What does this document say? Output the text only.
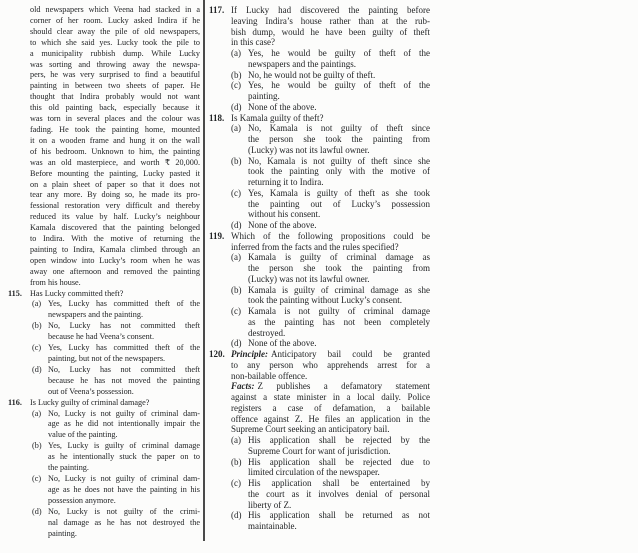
old newspapers which Veena had stacked in a
corner of her room. Lucky asked Indira if he
should clear away the pile of old newspapers,
to which she said yes. Lucky took the pile to
a municipality rubbish dump. While Lucky
was sorting and throwing away the newspa-
pers, he was very surprised to find a beautiful
painting in between two sheets of paper. He
thought that Indira probably would not want
this old painting back, especially because it
was torn in several places and the colour was
fading. He took the painting home, mounted
it on a wooden frame and hung it on the wall
of his bedroom. Unknown to him, the painting
was an old masterpiece, and worth ₹ 20,000.
Before mounting the painting, Lucky pasted it
on a plain sheet of paper so that it does not
tear any more. By doing so, he made its pro-
fessional restoration very difficult and thereby
reduced its value by half. Lucky’s neighbour
Kamala discovered that the painting belonged
to Indira. With the motive of returning the
painting to Indira, Kamala climbed through an
open window into Lucky’s room when he was
away one afternoon and removed the painting
from his house.
115. Has Lucky committed theft?
(a) Yes, Lucky has committed theft of the
newspapers and the painting.
(b) No, Lucky has not committed theft
because he had Veena’s consent.
(c) Yes, Lucky has committed theft of the
painting, but not of the newspapers.
(d) No, Lucky has not committed theft
because he has not moved the painting
out of Veena’s possession.
116. Is Lucky guilty of criminal damage?
(a) No, Lucky is not guilty of criminal dam-
age as he did not intentionally impair the
value of the painting.
(b) Yes, Lucky is guilty of criminal damage
as he intentionally stuck the paper on to
the painting.
(c) No, Lucky is not guilty of criminal dam-
age as he does not have the painting in his
possession anymore.
(d) No, Lucky is not guilty of the crimi-
nal damage as he has not destroyed the
painting.
117. If Lucky had discovered the painting before
leaving Indira’s house rather than at the rub-
bish dump, would he have been guilty of theft
in this case?
(a) Yes, he would be guilty of theft of the
newspapers and the paintings.
(b) No, he would not be guilty of theft.
(c) Yes, he would be guilty of theft of the
painting.
(d) None of the above.
118. Is Kamala guilty of theft?
(a) No, Kamala is not guilty of theft since
the person she took the painting from
(Lucky) was not its lawful owner.
(b) No, Kamala is not guilty of theft since she
took the painting only with the motive of
returning it to Indira.
(c) Yes, Kamala is guilty of theft as she took
the painting out of Lucky’s possession
without his consent.
(d) None of the above.
119. Which of the following propositions could be
inferred from the facts and the rules specified?
(a) Kamala is guilty of criminal damage as
the person she took the painting from
(Lucky) was not its lawful owner.
(b) Kamala is guilty of criminal damage as she
took the painting without Lucky’s consent.
(c) Kamala is not guilty of criminal damage
as the painting has not been completely
destroyed.
(d) None of the above.
120. Principle: Anticipatory bail could be granted
to any person who apprehends arrest for a
non-bailable offence.
Facts: Z publishes a defamatory statement
against a state minister in a local daily. Police
registers a case of defamation, a bailable
offence against Z. He files an application in the
Supreme Court seeking an anticipatory bail.
(a) His application shall be rejected by the
Supreme Court for want of jurisdiction.
(b) His application shall be rejected due to
limited circulation of the newspaper.
(c) His application shall be entertained by
the court as it involves denial of personal
liberty of Z.
(d) His application shall be returned as not
maintainable.
